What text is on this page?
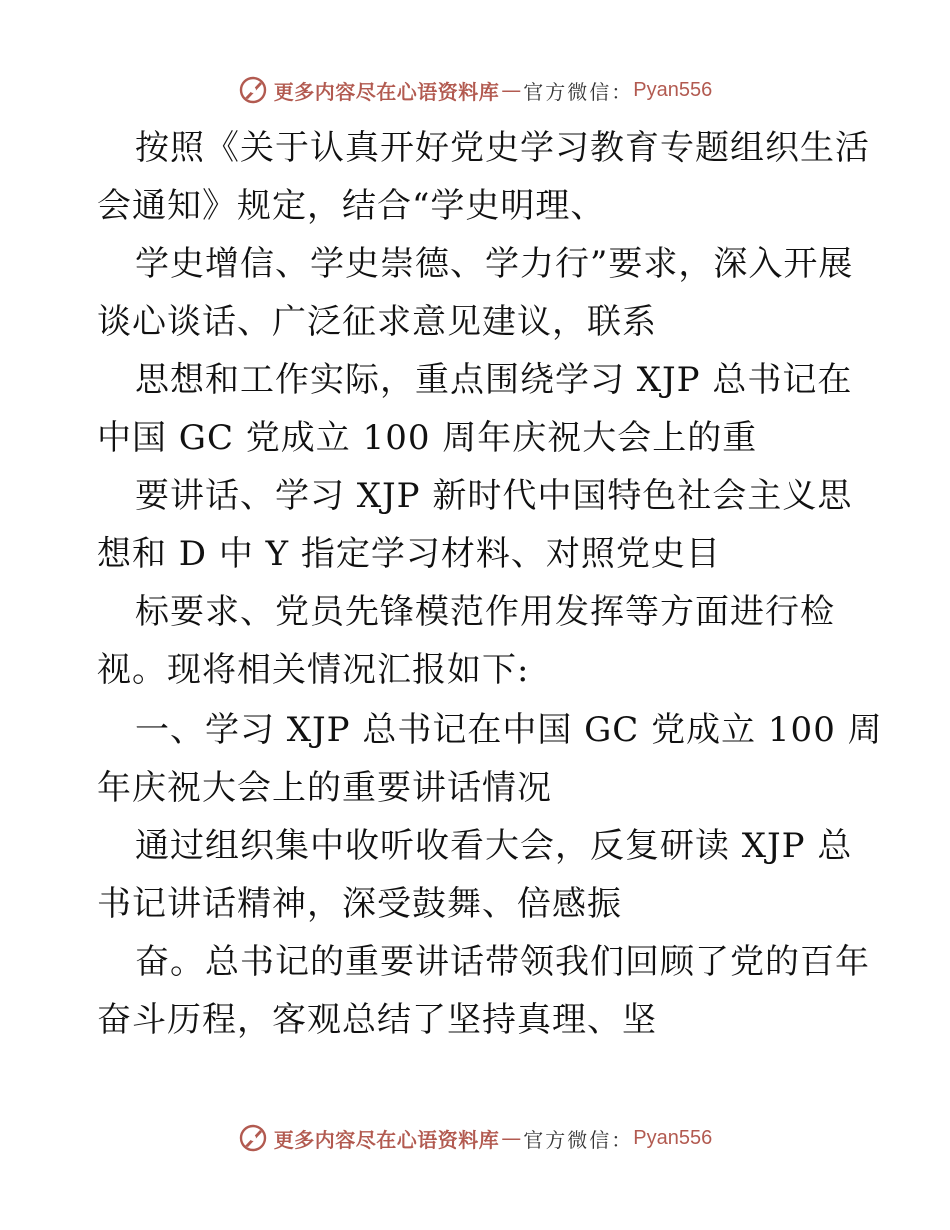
更多内容尽在心语资料库 — 官方微信： Pyan556
按照《关于认真开好党史学习教育专题组织生活
会通知》规定，结合“学史明理、
学史增信、学史崇德、学力行”要求，深入开展
谈心谈话、广泛征求意见建议，联系
思想和工作实际，重点围绕学习 XJP 总书记在
中国 GC 党成立 100 周年庆祝大会上的重
要讲话、学习 XJP 新时代中国特色社会主义思
想和 D 中 Y 指定学习材料、对照党史目
标要求、党员先锋模范作用发挥等方面进行检
视。现将相关情况汇报如下:
一、学习 XJP 总书记在中国 GC 党成立 100 周
年庆祝大会上的重要讲话情况
通过组织集中收听收看大会，反复研读 XJP 总
书记讲话精神，深受鼓舞、倍感振
奋。总书记的重要讲话带领我们回顾了党的百年
奋斗历程，客观总结了坚持真理、坚
更多内容尽在心语资料库 — 官方微信： Pyan556
